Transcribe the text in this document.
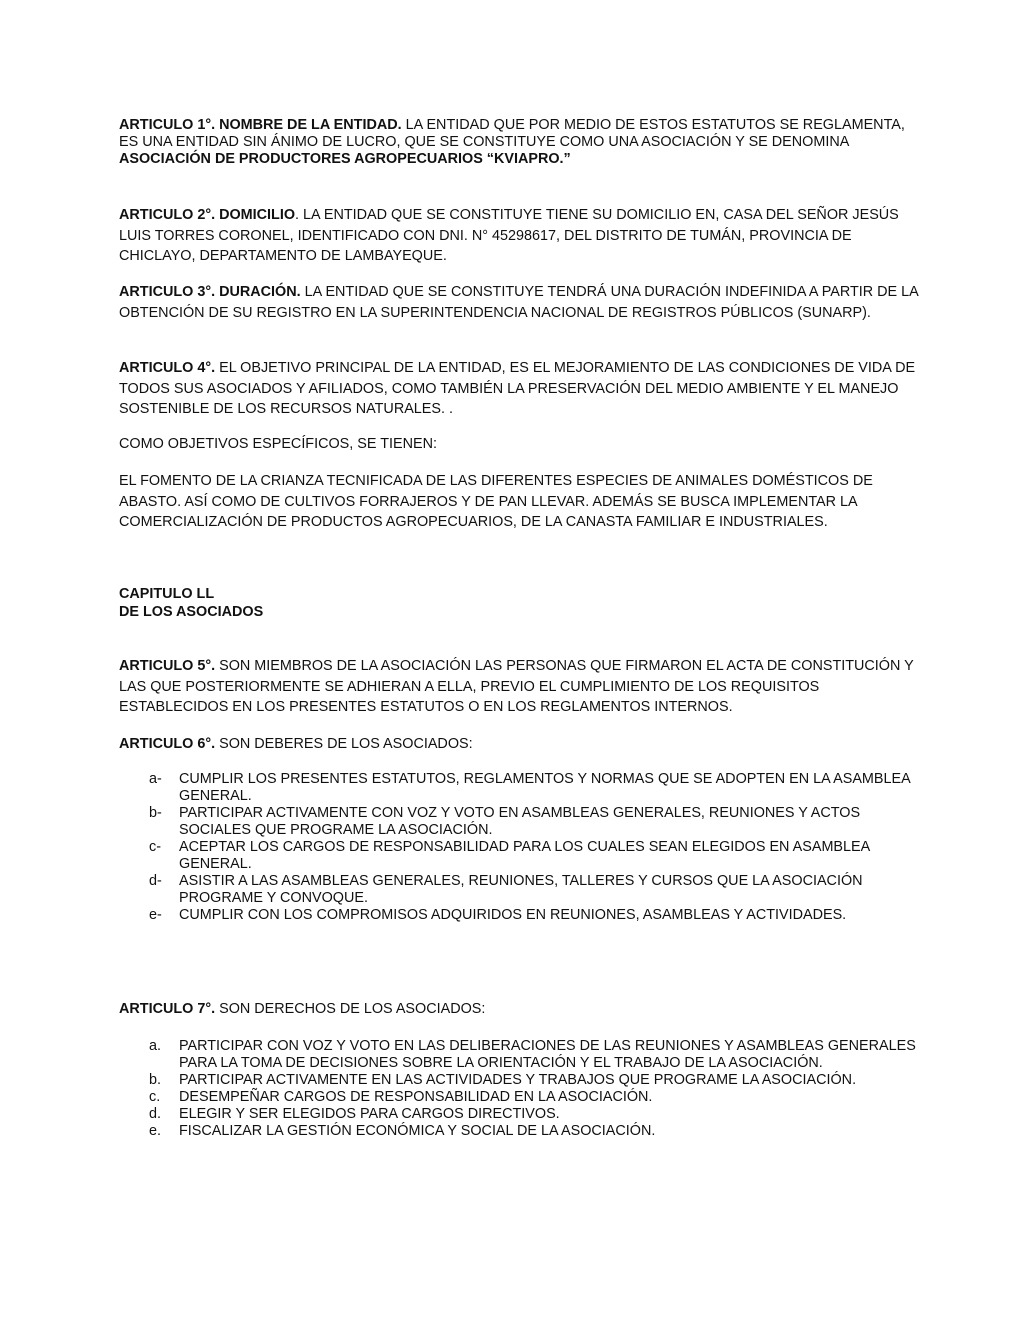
ARTICULO 1°. NOMBRE DE LA ENTIDAD. LA ENTIDAD QUE POR MEDIO DE ESTOS ESTATUTOS SE REGLAMENTA, ES UNA ENTIDAD SIN ÁNIMO DE LUCRO, QUE SE CONSTITUYE COMO UNA ASOCIACIÓN Y SE DENOMINA ASOCIACIÓN DE PRODUCTORES AGROPECUARIOS “KVIAPRO.”

ARTICULO 2°. DOMICILIO. LA ENTIDAD QUE SE CONSTITUYE TIENE SU DOMICILIO EN, CASA DEL SEÑOR JESÚS LUIS TORRES CORONEL, IDENTIFICADO CON DNI. N° 45298617, DEL DISTRITO DE TUMÁN, PROVINCIA DE CHICLAYO, DEPARTAMENTO DE LAMBAYEQUE.

ARTICULO 3°. DURACIÓN. LA ENTIDAD QUE SE CONSTITUYE TENDRÁ UNA DURACIÓN INDEFINIDA A PARTIR DE LA OBTENCIÓN DE SU REGISTRO EN LA SUPERINTENDENCIA NACIONAL DE REGISTROS PÚBLICOS (SUNARP).

ARTICULO 4°. EL OBJETIVO PRINCIPAL DE LA ENTIDAD, ES EL MEJORAMIENTO DE LAS CONDICIONES DE VIDA DE TODOS SUS ASOCIADOS Y AFILIADOS, COMO TAMBIÉN LA PRESERVACIÓN DEL MEDIO AMBIENTE Y EL MANEJO SOSTENIBLE DE LOS RECURSOS NATURALES. .

COMO OBJETIVOS ESPECÍFICOS, SE TIENEN:

EL FOMENTO DE LA CRIANZA TECNIFICADA DE LAS DIFERENTES ESPECIES DE ANIMALES DOMÉSTICOS DE ABASTO. ASÍ COMO DE CULTIVOS FORRAJEROS Y DE PAN LLEVAR. ADEMÁS SE BUSCA IMPLEMENTAR LA COMERCIALIZACIÓN DE PRODUCTOS AGROPECUARIOS, DE LA CANASTA FAMILIAR E INDUSTRIALES.

CAPITULO LL

DE LOS ASOCIADOS

ARTICULO 5°. SON MIEMBROS DE LA ASOCIACIÓN LAS PERSONAS QUE FIRMARON EL ACTA DE CONSTITUCIÓN Y LAS QUE POSTERIORMENTE SE ADHIERAN A ELLA, PREVIO EL CUMPLIMIENTO DE LOS REQUISITOS ESTABLECIDOS EN LOS PRESENTES ESTATUTOS O EN LOS REGLAMENTOS INTERNOS.

ARTICULO 6°. SON DEBERES DE LOS ASOCIADOS:

a- CUMPLIR LOS PRESENTES ESTATUTOS, REGLAMENTOS Y NORMAS QUE SE ADOPTEN EN LA ASAMBLEA GENERAL.
b- PARTICIPAR ACTIVAMENTE CON VOZ Y VOTO EN ASAMBLEAS GENERALES, REUNIONES Y ACTOS SOCIALES QUE PROGRAME LA ASOCIACIÓN.
c- ACEPTAR LOS CARGOS DE RESPONSABILIDAD PARA LOS CUALES SEAN ELEGIDOS EN ASAMBLEA GENERAL.
d- ASISTIR A LAS ASAMBLEAS GENERALES, REUNIONES, TALLERES Y CURSOS QUE LA ASOCIACIÓN PROGRAME Y CONVOQUE.
e- CUMPLIR CON LOS COMPROMISOS ADQUIRIDOS EN REUNIONES, ASAMBLEAS Y ACTIVIDADES.

ARTICULO 7°. SON DERECHOS DE LOS ASOCIADOS:

a. PARTICIPAR CON VOZ Y VOTO EN LAS DELIBERACIONES DE LAS REUNIONES Y ASAMBLEAS GENERALES PARA LA TOMA DE DECISIONES SOBRE LA ORIENTACIÓN Y EL TRABAJO DE LA ASOCIACIÓN.
b. PARTICIPAR ACTIVAMENTE EN LAS ACTIVIDADES Y TRABAJOS QUE PROGRAME LA ASOCIACIÓN.
c. DESEMPEÑAR CARGOS DE RESPONSABILIDAD EN LA ASOCIACIÓN.
d. ELEGIR Y SER ELEGIDOS PARA CARGOS DIRECTIVOS.
e. FISCALIZAR LA GESTIÓN ECONÓMICA Y SOCIAL DE LA ASOCIACIÓN.
